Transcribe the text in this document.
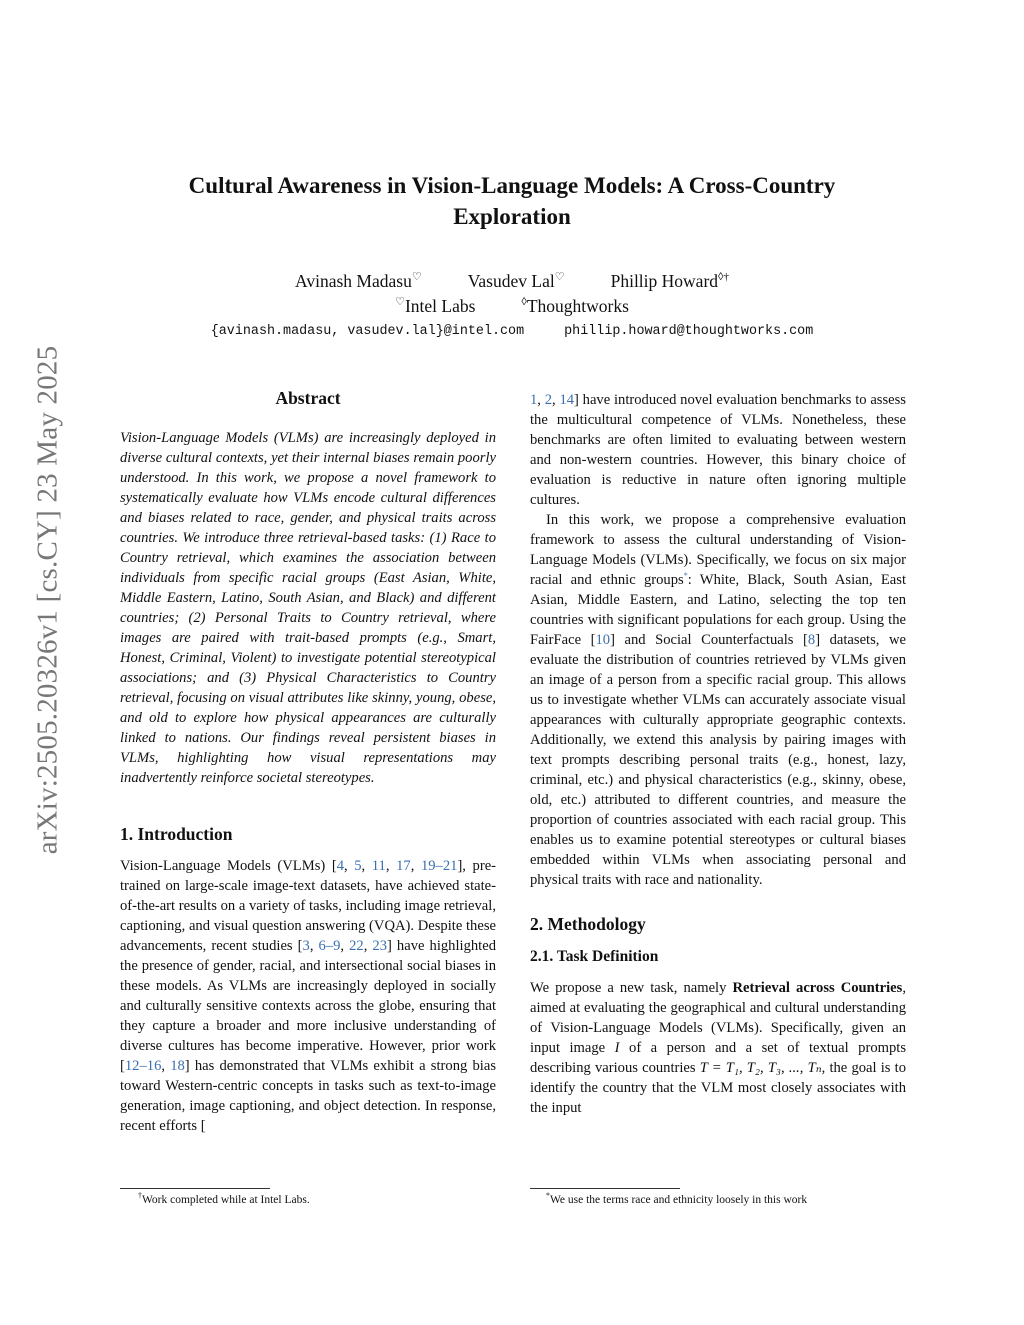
arXiv:2505.20326v1 [cs.CY] 23 May 2025
Cultural Awareness in Vision-Language Models: A Cross-Country
Exploration
Avinash Madasu♡	Vasudev Lal♡	Phillip Howard◊†
♡Intel Labs	◊Thoughtworks
{avinash.madasu, vasudev.lal}@intel.com	phillip.howard@thoughtworks.com
Abstract

Vision-Language Models (VLMs) are increasingly deployed in diverse cultural contexts, yet their internal biases remain poorly understood. In this work, we propose a novel framework to systematically evaluate how VLMs encode cultural differences and biases related to race, gender, and physical traits across countries. We introduce three retrieval-based tasks: (1) Race to Country retrieval, which examines the association between individuals from specific racial groups (East Asian, White, Middle Eastern, Latino, South Asian, and Black) and different countries; (2) Personal Traits to Country retrieval, where images are paired with trait-based prompts (e.g., Smart, Honest, Criminal, Violent) to investigate potential stereotypical associations; and (3) Physical Characteristics to Country retrieval, focusing on visual attributes like skinny, young, obese, and old to explore how physical appearances are culturally linked to nations. Our findings reveal persistent biases in VLMs, highlighting how visual representations may inadvertently reinforce societal stereotypes.

1. Introduction

Vision-Language Models (VLMs) [4, 5, 11, 17, 19–21], pre-trained on large-scale image-text datasets, have achieved state-of-the-art results on a variety of tasks, including image retrieval, captioning, and visual question answering (VQA). Despite these advancements, recent studies [3, 6–9, 22, 23] have highlighted the presence of gender, racial, and intersectional social biases in these models. As VLMs are increasingly deployed in socially and culturally sensitive contexts across the globe, ensuring that they capture a broader and more inclusive understanding of diverse cultures has become imperative. However, prior work [12–16, 18] has demonstrated that VLMs exhibit a strong bias toward Western-centric concepts in tasks such as text-to-image generation, image captioning, and object detection. In response, recent efforts [

1, 2, 14] have introduced novel evaluation benchmarks to assess the multicultural competence of VLMs. Nonetheless, these benchmarks are often limited to evaluating between western and non-western countries. However, this binary choice of evaluation is reductive in nature often ignoring multiple cultures.

In this work, we propose a comprehensive evaluation framework to assess the cultural understanding of Vision-Language Models (VLMs). Specifically, we focus on six major racial and ethnic groups*: White, Black, South Asian, East Asian, Middle Eastern, and Latino, selecting the top ten countries with significant populations for each group. Using the FairFace [10] and Social Counterfactuals [8] datasets, we evaluate the distribution of countries retrieved by VLMs given an image of a person from a specific racial group. This allows us to investigate whether VLMs can accurately associate visual appearances with culturally appropriate geographic contexts. Additionally, we extend this analysis by pairing images with text prompts describing personal traits (e.g., honest, lazy, criminal, etc.) and physical characteristics (e.g., skinny, obese, old, etc.) attributed to different countries, and measure the proportion of countries associated with each racial group. This enables us to examine potential stereotypes or cultural biases embedded within VLMs when associating personal and physical traits with race and nationality.

2. Methodology
2.1. Task Definition

We propose a new task, namely Retrieval across Countries, aimed at evaluating the geographical and cultural understanding of Vision-Language Models (VLMs). Specifically, given an input image I of a person and a set of textual prompts describing various countries T = T₁, T₂, T₃, ..., Tₙ, the goal is to identify the country that the VLM most closely associates with the input

†Work completed while at Intel Labs.	*We use the terms race and ethnicity loosely in this work
